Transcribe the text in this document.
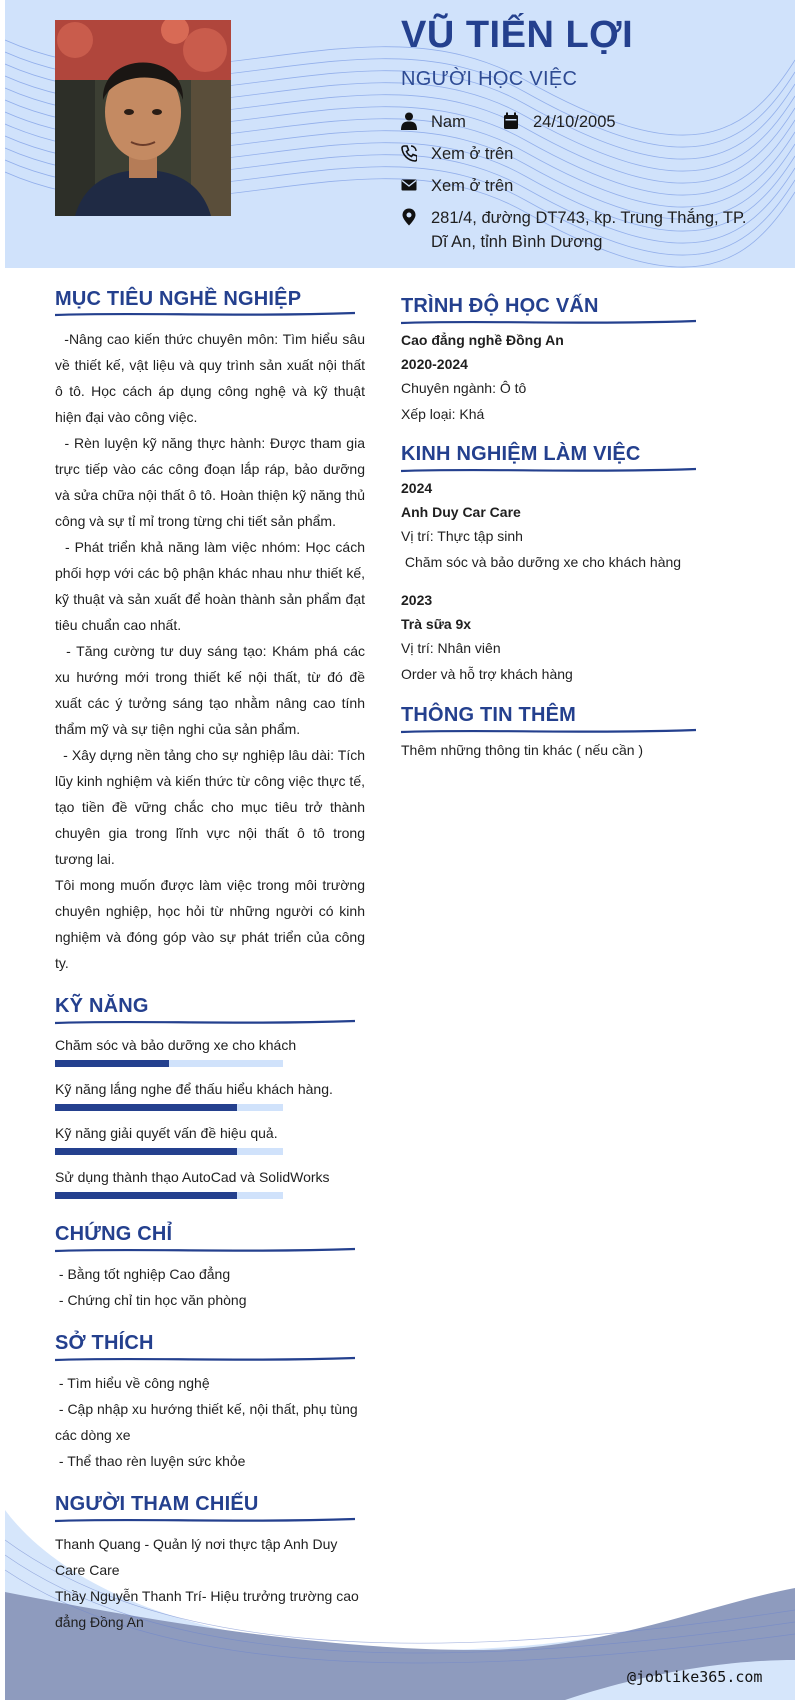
VŨ TIẾN LỢI
NGƯỜI HỌC VIỆC
Nam	24/10/2005
Xem ở trên
Xem ở trên
281/4, đường DT743, kp. Trung Thắng, TP. Dĩ An, tỉnh Bình Dương
MỤC TIÊU NGHỀ NGHIỆP

-Nâng cao kiến thức chuyên môn: Tìm hiểu sâu về thiết kế, vật liệu và quy trình sản xuất nội thất ô tô. Học cách áp dụng công nghệ và kỹ thuật hiện đại vào công việc.

- Rèn luyện kỹ năng thực hành: Được tham gia trực tiếp vào các công đoạn lắp ráp, bảo dưỡng và sửa chữa nội thất ô tô. Hoàn thiện kỹ năng thủ công và sự tỉ mỉ trong từng chi tiết sản phẩm.

- Phát triển khả năng làm việc nhóm: Học cách phối hợp với các bộ phận khác nhau như thiết kế, kỹ thuật và sản xuất để hoàn thành sản phẩm đạt tiêu chuẩn cao nhất.

- Tăng cường tư duy sáng tạo: Khám phá các xu hướng mới trong thiết kế nội thất, từ đó đề xuất các ý tưởng sáng tạo nhằm nâng cao tính thẩm mỹ và sự tiện nghi của sản phẩm.

- Xây dựng nền tảng cho sự nghiệp lâu dài: Tích lũy kinh nghiệm và kiến thức từ công việc thực tế, tạo tiền đề vững chắc cho mục tiêu trở thành chuyên gia trong lĩnh vực nội thất ô tô trong tương lai.

Tôi mong muốn được làm việc trong môi trường chuyên nghiệp, học hỏi từ những người có kinh nghiệm và đóng góp vào sự phát triển của công ty.

KỸ NĂNG
Chăm sóc và bảo dưỡng xe cho khách
Kỹ năng lắng nghe để thấu hiểu khách hàng.
Kỹ năng giải quyết vấn đề hiệu quả.
Sử dụng thành thạo AutoCad và SolidWorks
CHỨNG CHỈ
- Bằng tốt nghiệp Cao đẳng
- Chứng chỉ tin học văn phòng
SỞ THÍCH
- Tìm hiểu về công nghệ
- Cập nhập xu hướng thiết kế, nội thất, phụ tùng các dòng xe
- Thể thao rèn luyện sức khỏe
NGƯỜI THAM CHIẾU
Thanh Quang - Quản lý nơi thực tập Anh Duy Care Care
Thầy Nguyễn Thanh Trí- Hiệu trưởng trường cao đẳng Đồng An
TRÌNH ĐỘ HỌC VẤN
Cao đẳng nghề Đồng An
2020-2024
Chuyên ngành: Ô tô
Xếp loại: Khá
KINH NGHIỆM LÀM VIỆC
2024
Anh Duy Car Care
Vị trí: Thực tập sinh
Chăm sóc và bảo dưỡng xe cho khách hàng
2023
Trà sữa 9x
Vị trí: Nhân viên
Order và hỗ trợ khách hàng
THÔNG TIN THÊM
Thêm những thông tin khác ( nếu cần )
@joblike365.com
